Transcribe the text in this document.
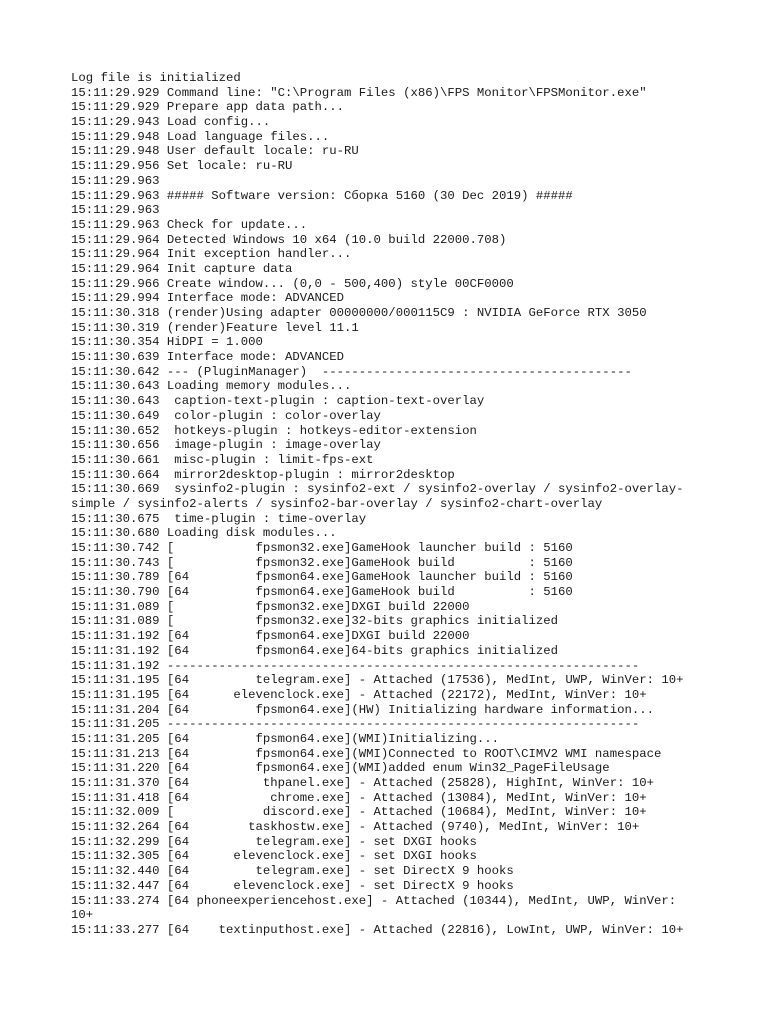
Log file is initialized
15:11:29.929 Command line: "C:\Program Files (x86)\FPS Monitor\FPSMonitor.exe"
15:11:29.929 Prepare app data path...
15:11:29.943 Load config...
15:11:29.948 Load language files...
15:11:29.948 User default locale: ru-RU
15:11:29.956 Set locale: ru-RU
15:11:29.963
15:11:29.963 ##### Software version: Сборка 5160 (30 Dec 2019) #####
15:11:29.963
15:11:29.963 Check for update...
15:11:29.964 Detected Windows 10 x64 (10.0 build 22000.708)
15:11:29.964 Init exception handler...
15:11:29.964 Init capture data
15:11:29.966 Create window... (0,0 - 500,400) style 00CF0000
15:11:29.994 Interface mode: ADVANCED
15:11:30.318 (render)Using adapter 00000000/000115C9 : NVIDIA GeForce RTX 3050
15:11:30.319 (render)Feature level 11.1
15:11:30.354 HiDPI = 1.000
15:11:30.639 Interface mode: ADVANCED
15:11:30.642 --- (PluginManager)  ------------------------------------------
15:11:30.643 Loading memory modules...
15:11:30.643  caption-text-plugin : caption-text-overlay
15:11:30.649  color-plugin : color-overlay
15:11:30.652  hotkeys-plugin : hotkeys-editor-extension
15:11:30.656  image-plugin : image-overlay
15:11:30.661  misc-plugin : limit-fps-ext
15:11:30.664  mirror2desktop-plugin : mirror2desktop
15:11:30.669  sysinfo2-plugin : sysinfo2-ext / sysinfo2-overlay / sysinfo2-overlay-
simple / sysinfo2-alerts / sysinfo2-bar-overlay / sysinfo2-chart-overlay
15:11:30.675  time-plugin : time-overlay
15:11:30.680 Loading disk modules...
15:11:30.742 [           fpsmon32.exe]GameHook launcher build : 5160
15:11:30.743 [           fpsmon32.exe]GameHook build          : 5160
15:11:30.789 [64         fpsmon64.exe]GameHook launcher build : 5160
15:11:30.790 [64         fpsmon64.exe]GameHook build          : 5160
15:11:31.089 [           fpsmon32.exe]DXGI build 22000
15:11:31.089 [           fpsmon32.exe]32-bits graphics initialized
15:11:31.192 [64         fpsmon64.exe]DXGI build 22000
15:11:31.192 [64         fpsmon64.exe]64-bits graphics initialized
15:11:31.192 ----------------------------------------------------------------
15:11:31.195 [64         telegram.exe] - Attached (17536), MedInt, UWP, WinVer: 10+
15:11:31.195 [64      elevenclock.exe] - Attached (22172), MedInt, WinVer: 10+
15:11:31.204 [64         fpsmon64.exe](HW) Initializing hardware information...
15:11:31.205 ----------------------------------------------------------------
15:11:31.205 [64         fpsmon64.exe](WMI)Initializing...
15:11:31.213 [64         fpsmon64.exe](WMI)Connected to ROOT\CIMV2 WMI namespace
15:11:31.220 [64         fpsmon64.exe](WMI)added enum Win32_PageFileUsage
15:11:31.370 [64          thpanel.exe] - Attached (25828), HighInt, WinVer: 10+
15:11:31.418 [64           chrome.exe] - Attached (13084), MedInt, WinVer: 10+
15:11:32.009 [            discord.exe] - Attached (10684), MedInt, WinVer: 10+
15:11:32.264 [64        taskhostw.exe] - Attached (9740), MedInt, WinVer: 10+
15:11:32.299 [64         telegram.exe] - set DXGI hooks
15:11:32.305 [64      elevenclock.exe] - set DXGI hooks
15:11:32.440 [64         telegram.exe] - set DirectX 9 hooks
15:11:32.447 [64      elevenclock.exe] - set DirectX 9 hooks
15:11:33.274 [64 phoneexperiencehost.exe] - Attached (10344), MedInt, UWP, WinVer:
10+
15:11:33.277 [64    textinputhost.exe] - Attached (22816), LowInt, UWP, WinVer: 10+
